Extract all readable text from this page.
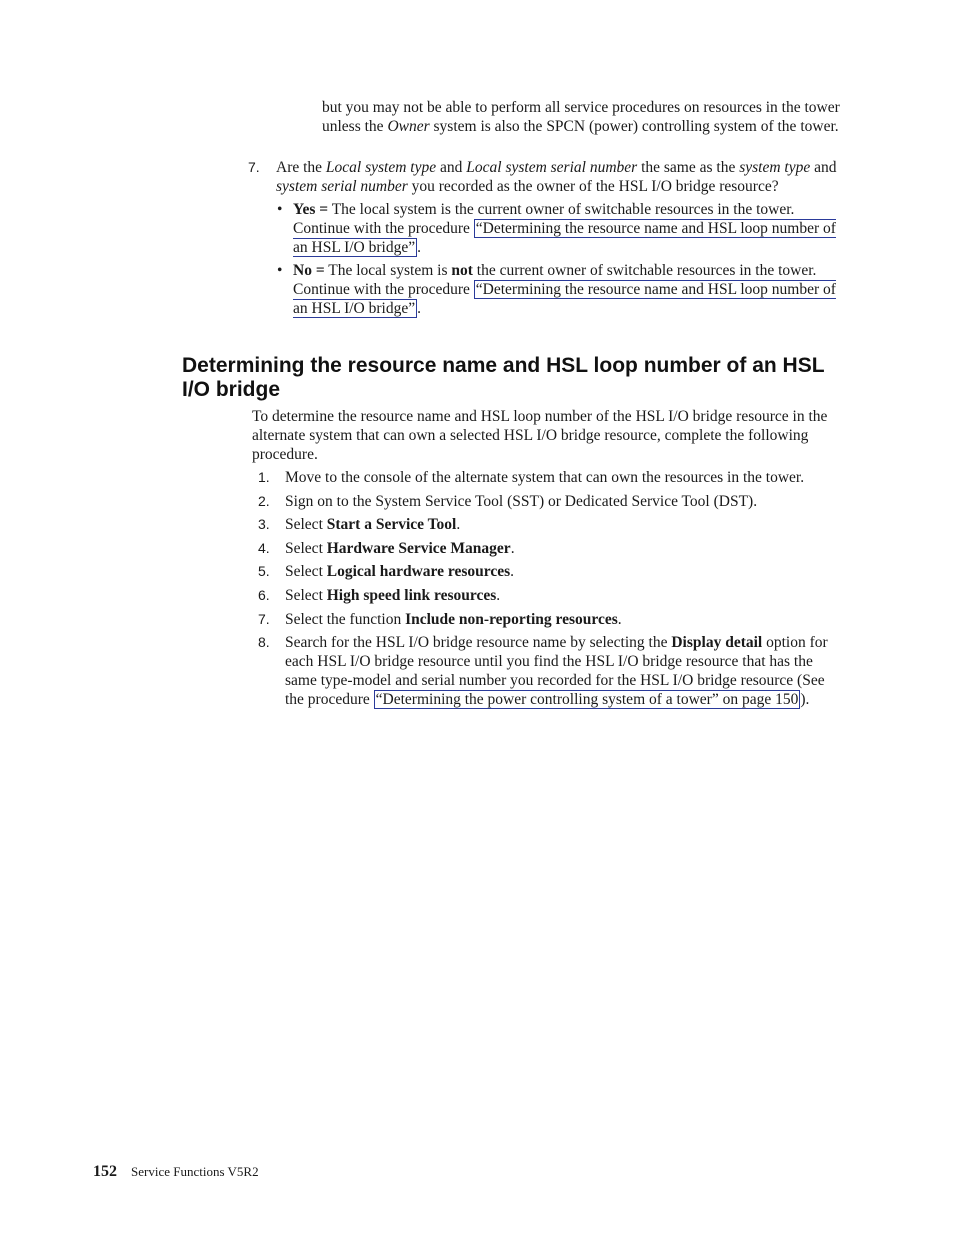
but you may not be able to perform all service procedures on resources in the tower unless the Owner system is also the SPCN (power) controlling system of the tower.

7. Are the Local system type and Local system serial number the same as the system type and system serial number you recorded as the owner of the HSL I/O bridge resource?

• Yes = The local system is the current owner of switchable resources in the tower. Continue with the procedure “Determining the resource name and HSL loop number of an HSL I/O bridge” .
• No = The local system is not the current owner of switchable resources in the tower. Continue with the procedure “Determining the resource name and HSL loop number of an HSL I/O bridge” .
Determining the resource name and HSL loop number of an HSL I/O bridge

To determine the resource name and HSL loop number of the HSL I/O bridge resource in the alternate system that can own a selected HSL I/O bridge resource, complete the following procedure.

1. Move to the console of the alternate system that can own the resources in the tower.
2. Sign on to the System Service Tool (SST) or Dedicated Service Tool (DST).
3. Select Start a Service Tool.
4. Select Hardware Service Manager.
5. Select Logical hardware resources.
6. Select High speed link resources.
7. Select the function Include non-reporting resources.
8. Search for the HSL I/O bridge resource name by selecting the Display detail option for each HSL I/O bridge resource until you find the HSL I/O bridge resource that has the same type-model and serial number you recorded for the HSL I/O bridge resource (See the procedure “Determining the power controlling system of a tower” on page 150 ).
152 Service Functions V5R2
